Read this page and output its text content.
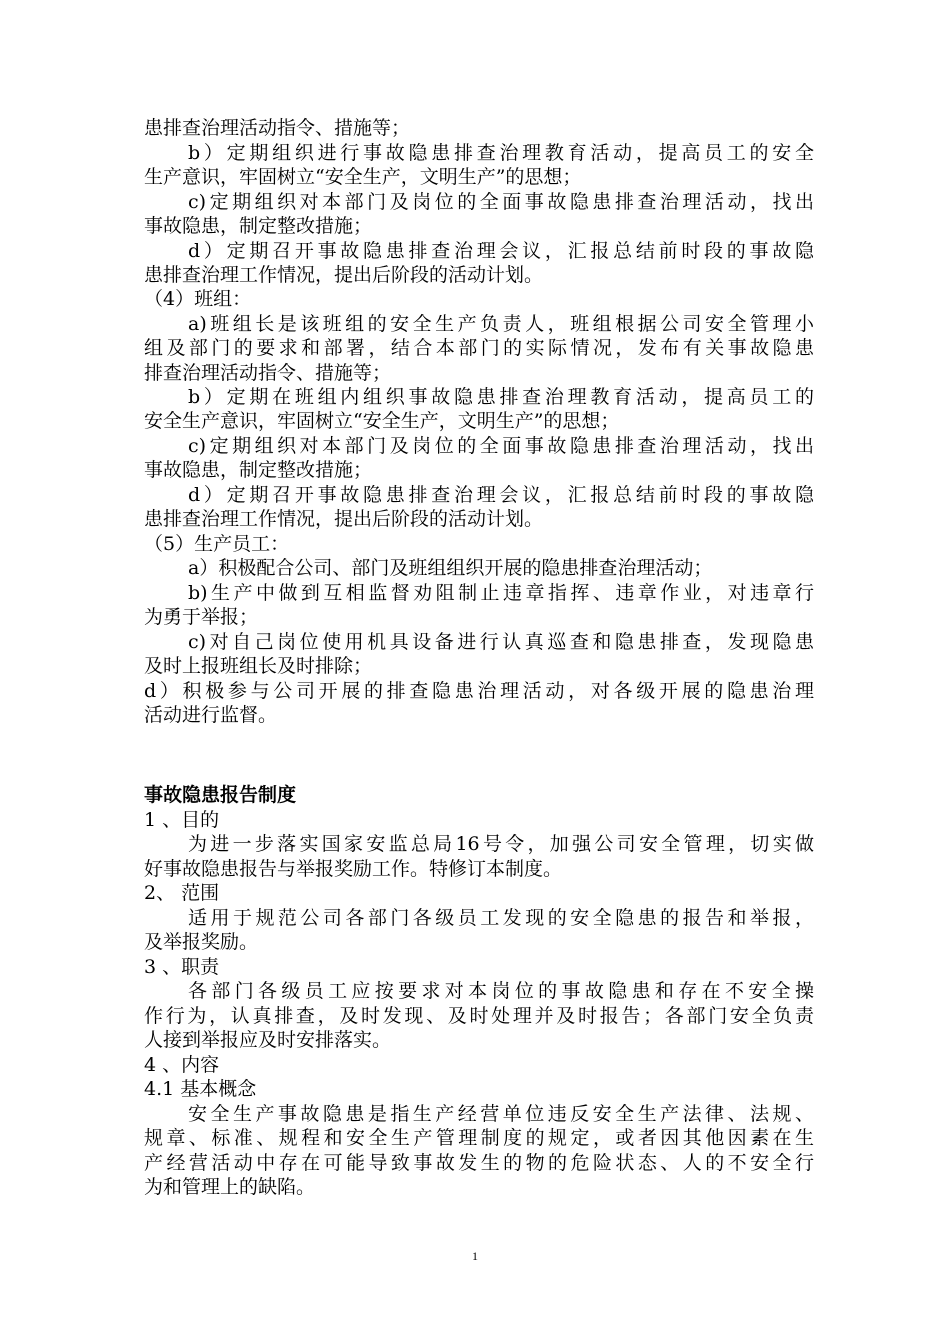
患排查治理活动指令、措施等；
b）定期组织进行事故隐患排查治理教育活动，提高员工的安全
生产意识，牢固树立“安全生产，文明生产”的思想；
c)定期组织对本部门及岗位的全面事故隐患排查治理活动，找出
事故隐患，制定整改措施；
d）定期召开事故隐患排查治理会议，汇报总结前时段的事故隐
患排查治理工作情况，提出后阶段的活动计划。
（4）班组：
a)班组长是该班组的安全生产负责人，班组根据公司安全管理小
组及部门的要求和部署，结合本部门的实际情况，发布有关事故隐患
排查治理活动指令、措施等；
b）定期在班组内组织事故隐患排查治理教育活动，提高员工的
安全生产意识，牢固树立“安全生产，文明生产”的思想；
c)定期组织对本部门及岗位的全面事故隐患排查治理活动，找出
事故隐患，制定整改措施；
d）定期召开事故隐患排查治理会议，汇报总结前时段的事故隐
患排查治理工作情况，提出后阶段的活动计划。
（5）生产员工：
a）积极配合公司、部门及班组组织开展的隐患排查治理活动；
b)生产中做到互相监督劝阻制止违章指挥、违章作业，对违章行
为勇于举报；
c)对自己岗位使用机具设备进行认真巡查和隐患排查，发现隐患
及时上报班组长及时排除；
d）积极参与公司开展的排查隐患治理活动，对各级开展的隐患治理
活动进行监督。
事故隐患报告制度
1 、目的
为进一步落实国家安监总局16号令，加强公司安全管理，切实做
好事故隐患报告与举报奖励工作。特修订本制度。
2、 范围
适用于规范公司各部门各级员工发现的安全隐患的报告和举报，
及举报奖励。
3 、职责
各部门各级员工应按要求对本岗位的事故隐患和存在不安全操
作行为，认真排查，及时发现、及时处理并及时报告；各部门安全负责
人接到举报应及时安排落实。
4 、内容
4.1 基本概念
安全生产事故隐患是指生产经营单位违反安全生产法律、法规、
规章、标准、规程和安全生产管理制度的规定，或者因其他因素在生
产经营活动中存在可能导致事故发生的物的危险状态、人的不安全行
为和管理上的缺陷。
1
